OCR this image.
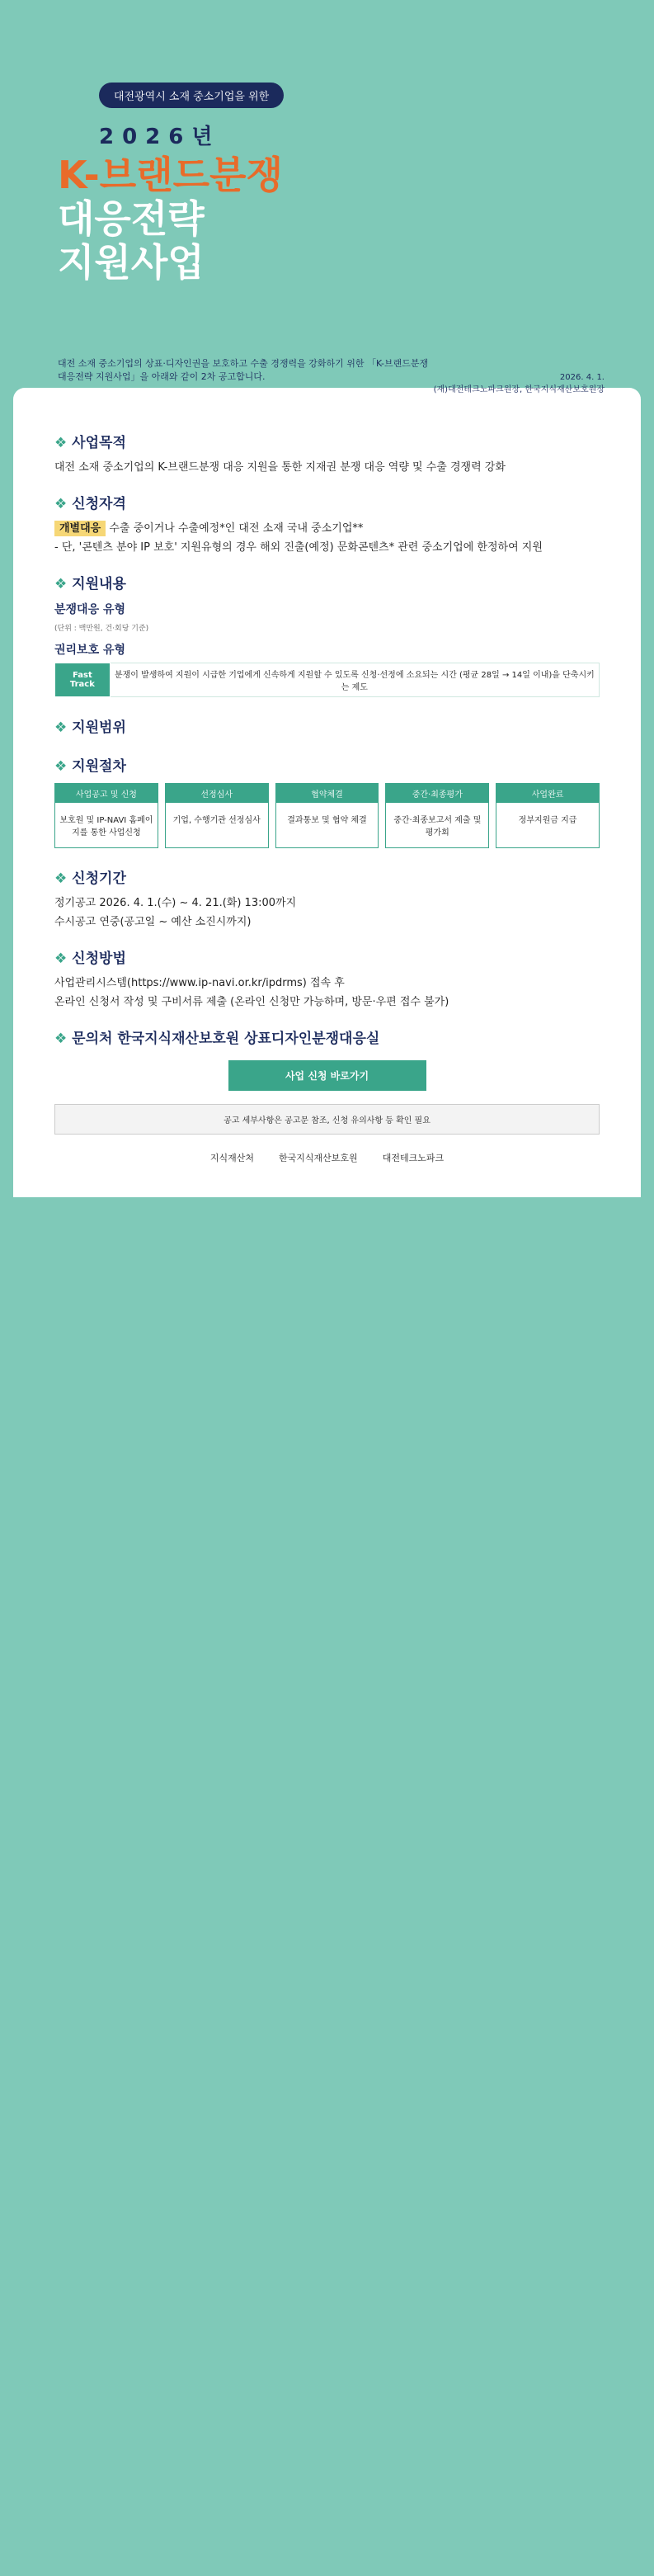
대전광역시 소재 중소기업을 위한
2026년
K-브랜드분쟁
대응전략
지원사업
대전 소재 중소기업의 상표·디자인권을 보호하고 수출 경쟁력을 강화하기 위한 「K-브랜드분쟁 대응전략 지원사업」을 아래와 같이 2차 공고합니다.	2026. 4. 1.
(재)대전테크노파크원장, 한국지식재산보호원장
❖ 사업목적

대전 소재 중소기업의 K-브랜드분쟁 대응 지원을 통한 지재권 분쟁 대응 역량 및 수출 경쟁력 강화

❖ 신청자격

개별대응 수출 중이거나 수출예정*인 대전 소재 국내 중소기업**

- 단, '콘텐츠 분야 IP 보호' 지원유형의 경우 해외 진출(예정) 문화콘텐츠* 관련 중소기업에 한정하여 지원

❖ 지원내용
분쟁대응 유형
(단위 : 백만원, 건·회당 기준)
권리보호 유형
Fast Track	분쟁이 발생하여 지원이 시급한 기업에게 신속하게 지원할 수 있도록 신청·선정에 소요되는 시간 (평균 28일 → 14일 이내)을 단축시키는 제도
❖ 지원범위
❖ 지원절차
사업공고 및 신청
보호원 및 IP-NAVI 홈페이지를 통한 사업신청
선정심사
기업, 수행기관 선정심사
협약체결
결과통보 및 협약 체결
중간·최종평가
중간·최종보고서 제출 및 평가회
사업완료
정부지원금 지급
❖ 신청기간

정기공고 2026. 4. 1.(수) ~ 4. 21.(화) 13:00까지

수시공고 연중(공고일 ~ 예산 소진시까지)

❖ 신청방법

사업관리시스템(https://www.ip-navi.or.kr/ipdrms) 접속 후

온라인 신청서 작성 및 구비서류 제출 (온라인 신청만 가능하며, 방문·우편 접수 불가)

❖ 문의처 한국지식재산보호원 상표디자인분쟁대응실
사업 신청 바로가기
공고 세부사항은 공고문 참조, 신청 유의사항 등 확인 필요
지식재산처	한국지식재산보호원	대전테크노파크
